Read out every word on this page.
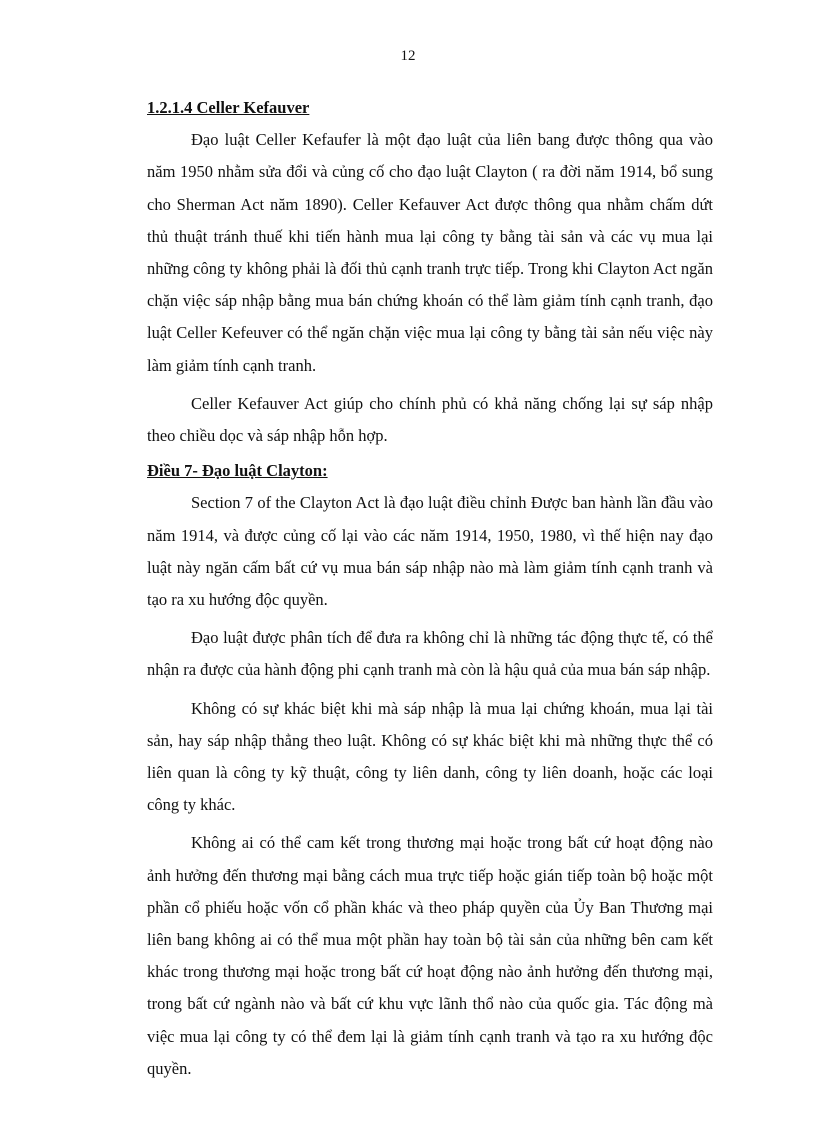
12
1.2.1.4 Celler Kefauver

Đạo luật Celler Kefaufer là một đạo luật của liên bang được thông qua vào năm 1950 nhằm sửa đổi và củng cố cho đạo luật Clayton ( ra đời năm 1914, bổ sung cho Sherman Act năm 1890). Celler Kefauver Act được thông qua nhằm chấm dứt thủ thuật tránh thuế khi tiến hành mua lại công ty bằng tài sản và các vụ mua lại những công ty không phải là đối thủ cạnh tranh trực tiếp. Trong khi Clayton Act ngăn chặn việc sáp nhập bằng mua bán chứng khoán có thể làm giảm tính cạnh tranh, đạo luật Celler Kefeuver có thể ngăn chặn việc mua lại công ty bằng tài sản nếu việc này làm giảm tính cạnh tranh.

Celler Kefauver Act giúp cho chính phủ có khả năng chống lại sự sáp nhập theo chiều dọc và sáp nhập hỗn hợp.

Điều 7- Đạo luật Clayton:

Section 7 of the Clayton Act là đạo luật điều chỉnh Được ban hành lần đầu vào năm 1914, và được củng cố lại vào các năm 1914, 1950, 1980, vì thế hiện nay đạo luật này ngăn cấm bất cứ vụ mua bán sáp nhập nào mà làm giảm tính cạnh tranh và tạo ra xu hướng độc quyền.

Đạo luật được phân tích để đưa ra không chỉ là những tác động thực tế, có thể nhận ra được của hành động phi cạnh tranh mà còn là hậu quả của mua bán sáp nhập.

Không có sự khác biệt khi mà sáp nhập là mua lại chứng khoán, mua lại tài sản, hay sáp nhập thẳng theo luật. Không có sự khác biệt khi mà những thực thể có liên quan là công ty kỹ thuật, công ty liên danh, công ty liên doanh, hoặc các loại công ty khác.

Không ai có thể cam kết trong thương mại hoặc trong bất cứ hoạt động nào ảnh hưởng đến thương mại bằng cách mua trực tiếp hoặc gián tiếp toàn bộ hoặc một phần cổ phiếu hoặc vốn cổ phần khác và theo pháp quyền của Ủy Ban Thương mại liên bang không ai có thể mua một phần hay toàn bộ tài sản của những bên cam kết khác trong thương mại hoặc trong bất cứ hoạt động nào ảnh hưởng đến thương mại, trong bất cứ ngành nào và bất cứ khu vực lãnh thổ nào của quốc gia. Tác động mà việc mua lại công ty có thể đem lại là giảm tính cạnh tranh và tạo ra xu hướng độc quyền.
